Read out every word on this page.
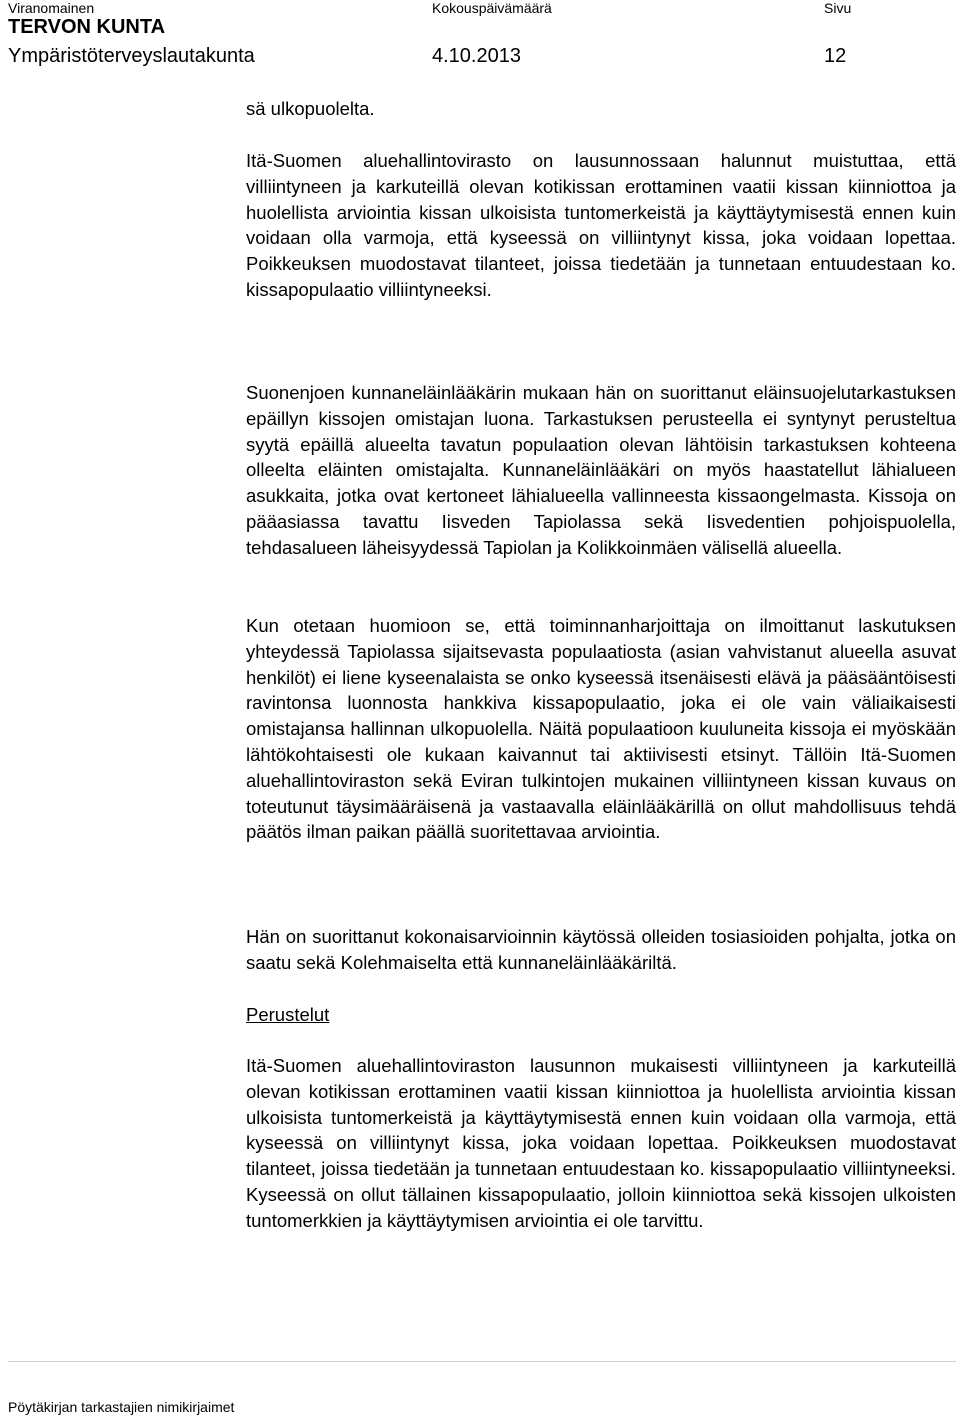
Viranomainen	Kokouspäivämäärä	Sivu
TERVON KUNTA
Ympäristöterveyslautakunta	4.10.2013	12

sä ulkopuolelta.

Itä-Suomen aluehallintovirasto on lausunnossaan halunnut muistuttaa, että villiintyneen ja karkuteillä olevan kotikissan erottaminen vaatii kissan kiinniottoa ja huolellista arviointia kissan ulkoisista tuntomerkeistä ja käyttäytymisestä ennen kuin voidaan olla varmoja, että kyseessä on villiintynyt kissa, joka voidaan lopettaa. Poikkeuksen muodostavat tilanteet, joissa tiedetään ja tunnetaan entuudestaan ko. kissapopulaatio villiintyneeksi.

Suonenjoen kunnaneläinlääkärin mukaan hän on suorittanut eläinsuojelutarkastuksen epäillyn kissojen omistajan luona. Tarkastuksen perusteella ei syntynyt perusteltua syytä epäillä alueelta tavatun populaation olevan lähtöisin tarkastuksen kohteena olleelta eläinten omistajalta. Kunnaneläinlääkäri on myös haastatellut lähialueen asukkaita, jotka ovat kertoneet lähialueella vallinneesta kissaongelmasta. Kissoja on pääasiassa tavattu Iisveden Tapiolassa sekä Iisvedentien pohjoispuolella, tehdasalueen läheisyydessä Tapiolan ja Kolikkoinmäen välisellä alueella.

Kun otetaan huomioon se, että toiminnanharjoittaja on ilmoittanut laskutuksen yhteydessä Tapiolassa sijaitsevasta populaatiosta (asian vahvistanut alueella asuvat henkilöt) ei liene kyseenalaista se onko kyseessä itsenäisesti elävä ja pääsääntöisesti ravintonsa luonnosta hankkiva kissapopulaatio, joka ei ole vain väliaikaisesti omistajansa hallinnan ulkopuolella. Näitä populaatioon kuuluneita kissoja ei myöskään lähtökohtaisesti ole kukaan kaivannut tai aktiivisesti etsinyt. Tällöin Itä-Suomen aluehallintoviraston sekä Eviran tulkintojen mukainen villiintyneen kissan kuvaus on toteutunut täysimääräisenä ja vastaavalla eläinlääkärillä on ollut mahdollisuus tehdä päätös ilman paikan päällä suoritettavaa arviointia.

Hän on suorittanut kokonaisarvioinnin käytössä olleiden tosiasioiden pohjalta, jotka on saatu sekä Kolehmaiselta että kunnaneläinlääkäriltä.

Perustelut

Itä-Suomen aluehallintoviraston lausunnon mukaisesti villiintyneen ja karkuteillä olevan kotikissan erottaminen vaatii kissan kiinniottoa ja huolellista arviointia kissan ulkoisista tuntomerkeistä ja käyttäytymisestä ennen kuin voidaan olla varmoja, että kyseessä on villiintynyt kissa, joka voidaan lopettaa. Poikkeuksen muodostavat tilanteet, joissa tiedetään ja tunnetaan entuudestaan ko. kissapopulaatio villiintyneeksi. Kyseessä on ollut tällainen kissapopulaatio, jolloin kiinniottoa sekä kissojen ulkoisten tuntomerkkien ja käyttäytymisen arviointia ei ole tarvittu.

Pöytäkirjan tarkastajien nimikirjaimet
